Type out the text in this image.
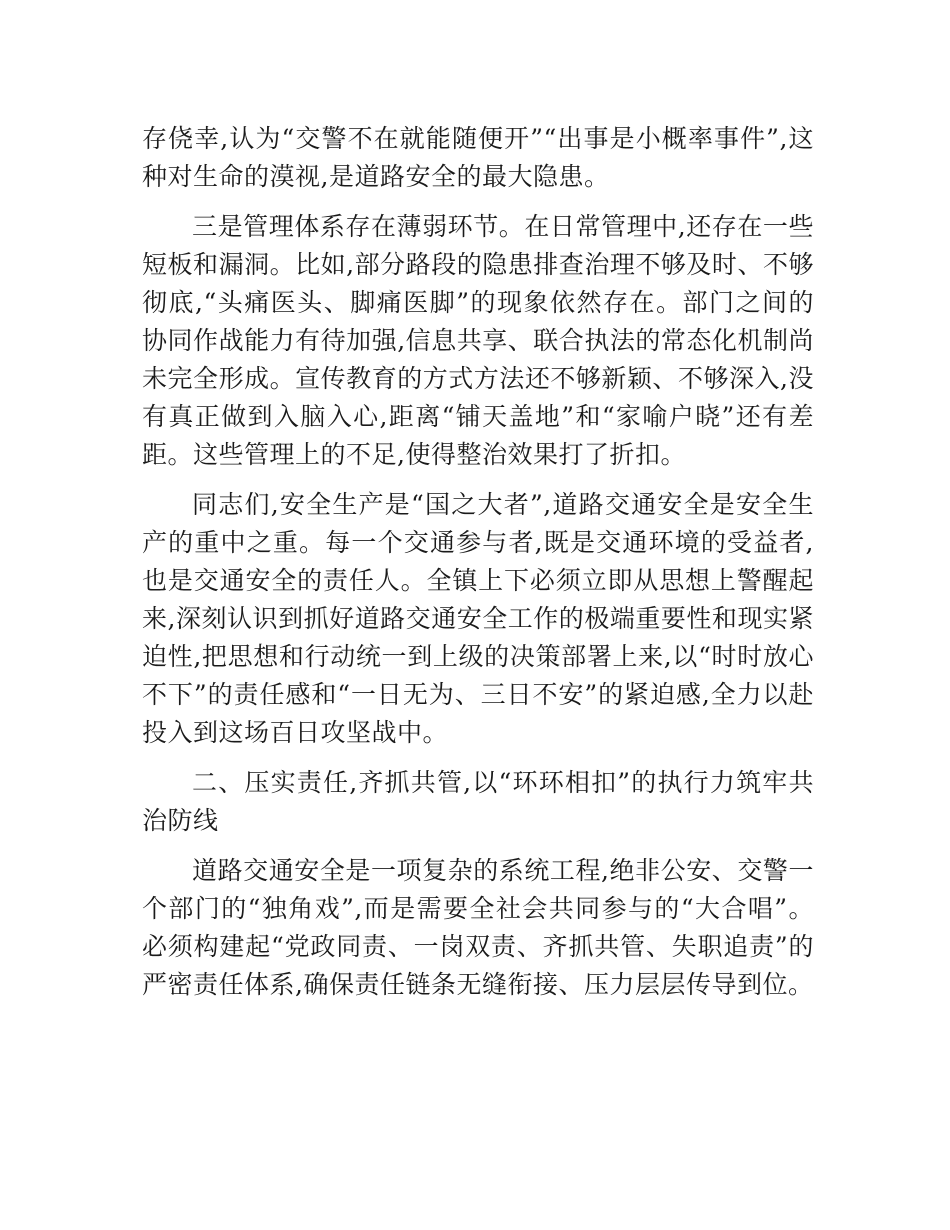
存侥幸,认为“交警不在就能随便开”“出事是小概率事件”,这种对生命的漠视,是道路安全的最大隐患。

三是管理体系存在薄弱环节。在日常管理中,还存在一些短板和漏洞。比如,部分路段的隐患排查治理不够及时、不够彻底,“头痛医头、脚痛医脚”的现象依然存在。部门之间的协同作战能力有待加强,信息共享、联合执法的常态化机制尚未完全形成。宣传教育的方式方法还不够新颖、不够深入,没有真正做到入脑入心,距离“铺天盖地”和“家喻户晓”还有差距。这些管理上的不足,使得整治效果打了折扣。

同志们,安全生产是“国之大者”,道路交通安全是安全生产的重中之重。每一个交通参与者,既是交通环境的受益者,也是交通安全的责任人。全镇上下必须立即从思想上警醒起来,深刻认识到抓好道路交通安全工作的极端重要性和现实紧迫性,把思想和行动统一到上级的决策部署上来,以“时时放心不下”的责任感和“一日无为、三日不安”的紧迫感,全力以赴投入到这场百日攻坚战中。

二、压实责任,齐抓共管,以“环环相扣”的执行力筑牢共治防线

道路交通安全是一项复杂的系统工程,绝非公安、交警一个部门的“独角戏”,而是需要全社会共同参与的“大合唱”。必须构建起“党政同责、一岗双责、齐抓共管、失职追责”的严密责任体系,确保责任链条无缝衔接、压力层层传导到位。
